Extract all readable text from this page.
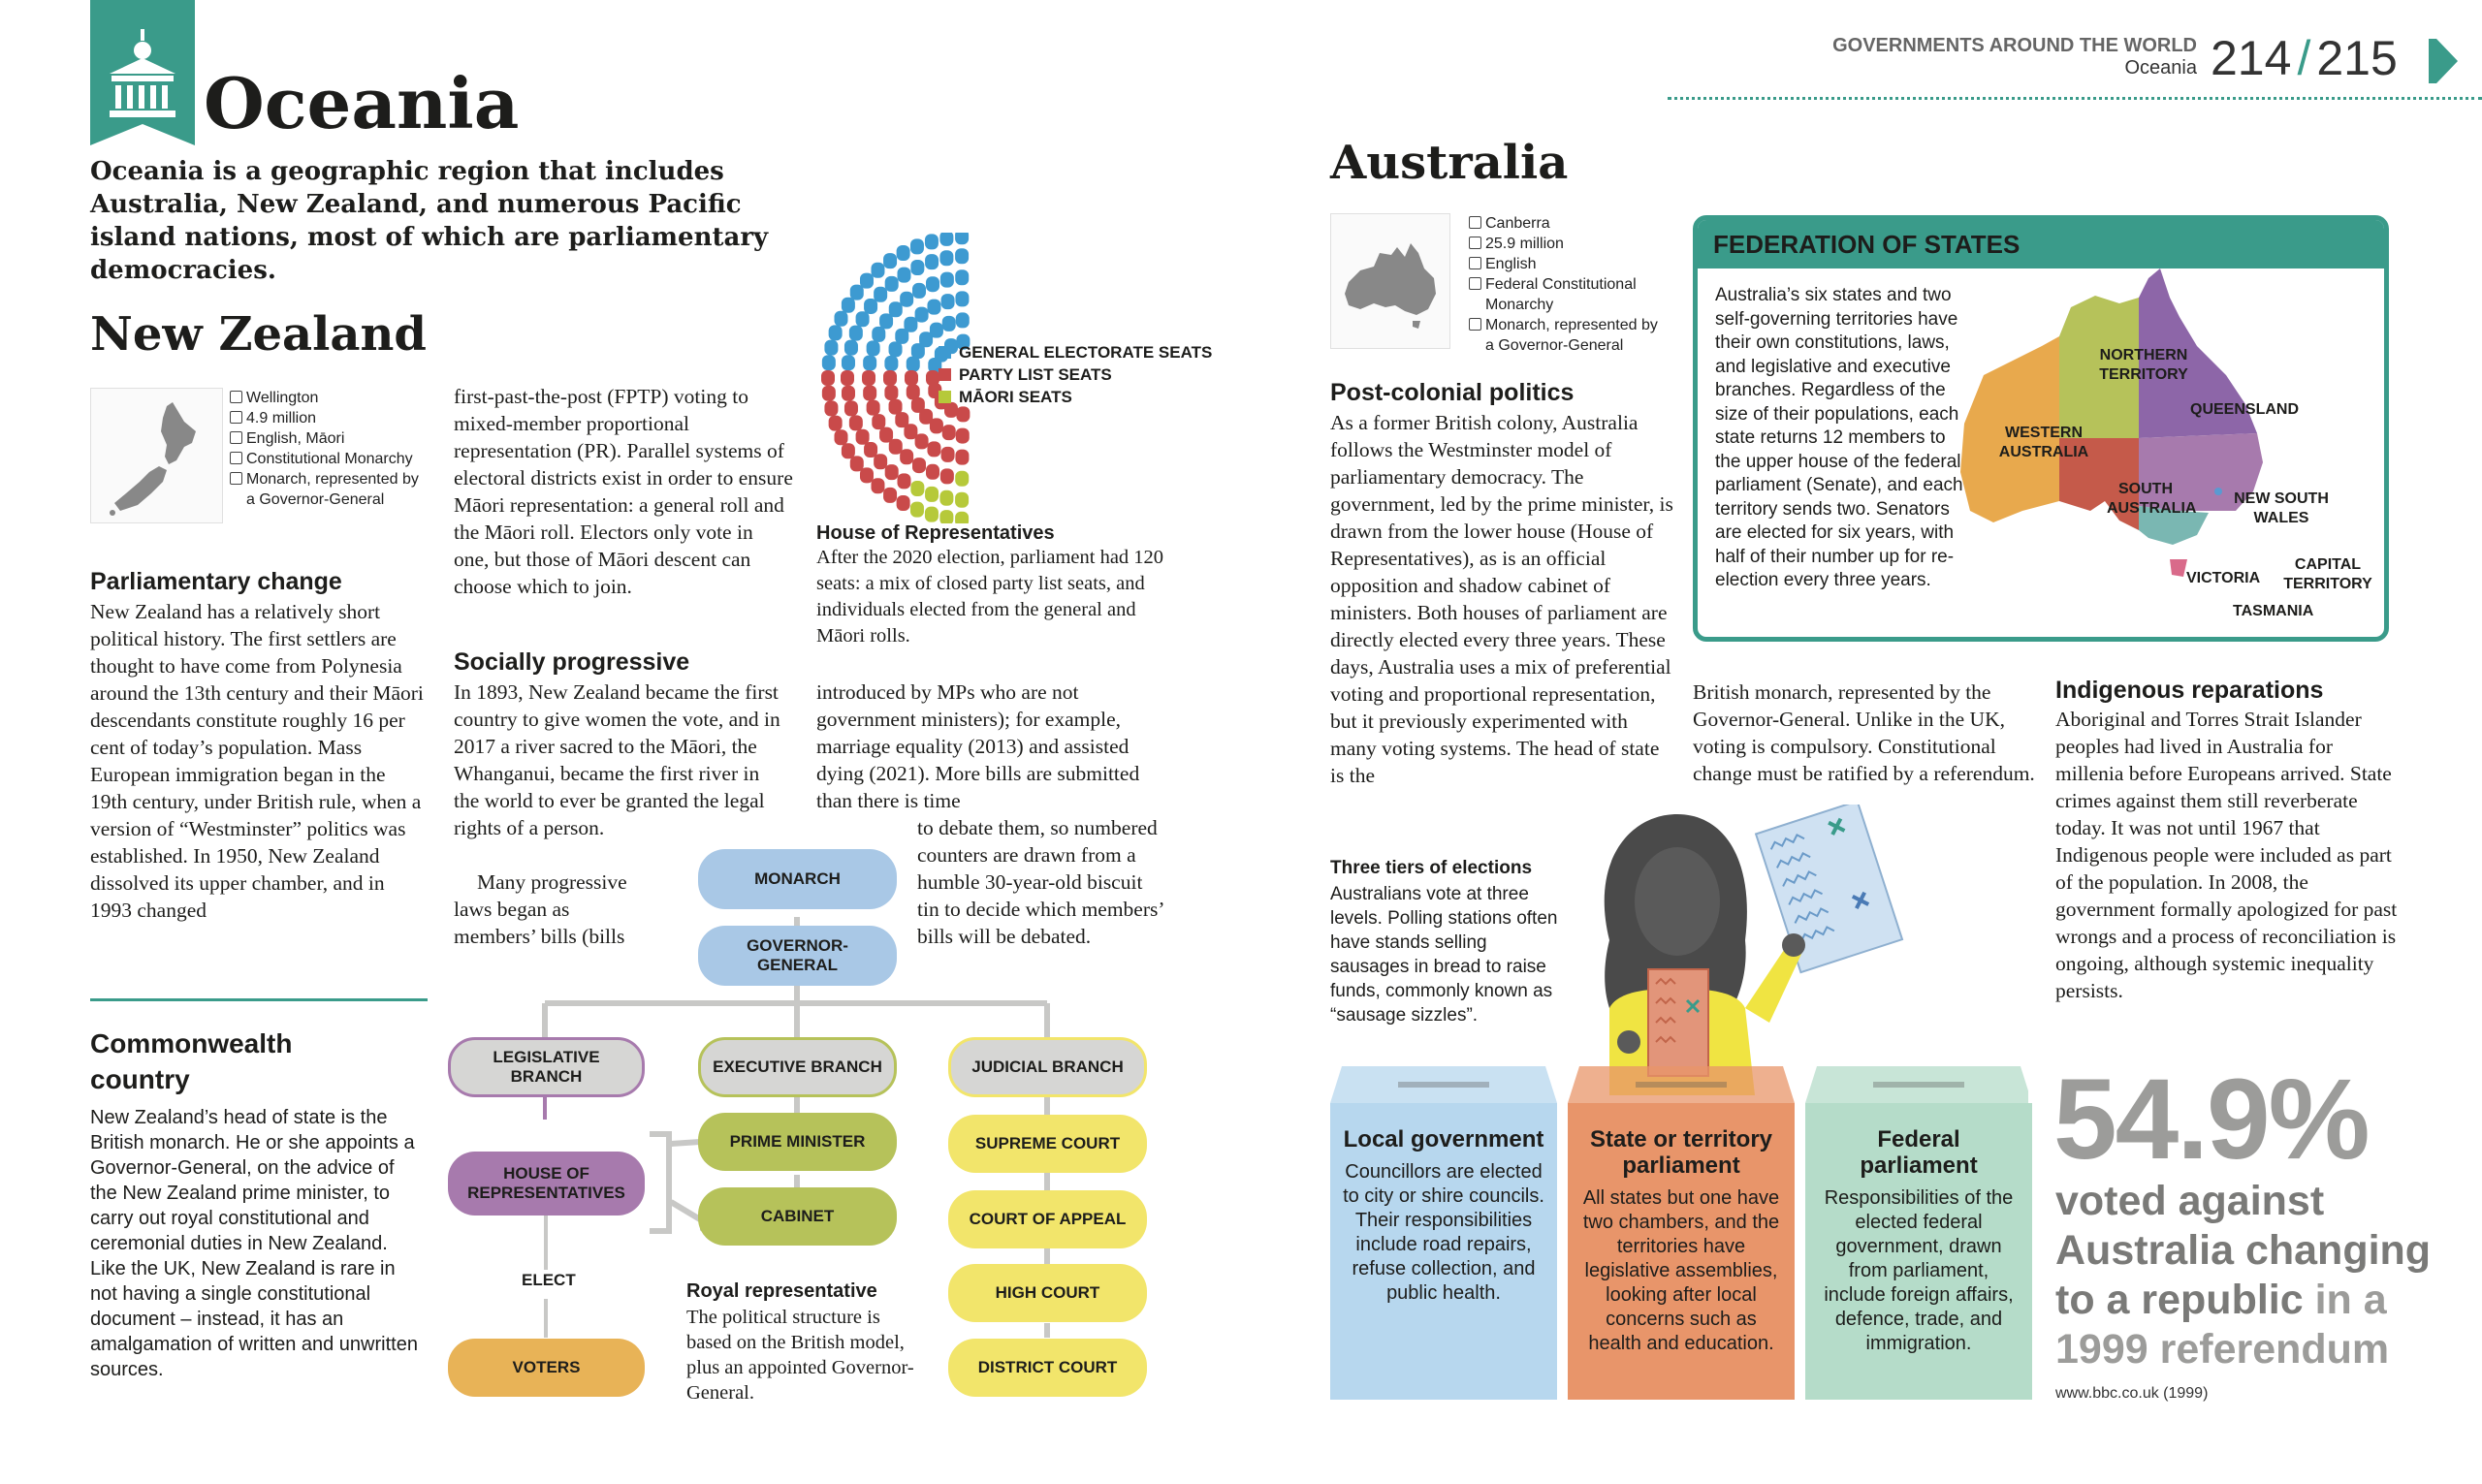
Oceania
GOVERNMENTS AROUND THE WORLD
Oceania 214 / 215
Oceania is a geographic region that includes Australia, New Zealand, and numerous Pacific island nations, most of which are parliamentary democracies.
New Zealand
Wellington
4.9 million
English, Māori
Constitutional Monarchy
Monarch, represented by a Governor-General
Parliamentary change
New Zealand has a relatively short political history. The first settlers are thought to have come from Polynesia around the 13th century and their Māori descendants constitute roughly 16 per cent of today’s population. Mass European immigration began in the 19th century, under British rule, when a version of “Westminster” politics was established. In 1950, New Zealand dissolved its upper chamber, and in 1993 changed
first-past-the-post (FPTP) voting to mixed-member proportional representation (PR). Parallel systems of electoral districts exist in order to ensure Māori representation: a general roll and the Māori roll. Electors only vote in one, but those of Māori descent can choose which to join.
Socially progressive
In 1893, New Zealand became the first country to give women the vote, and in 2017 a river sacred to the Māori, the Whanganui, became the first river in the world to ever be granted the legal rights of a person.
Many progressive laws began as members’ bills (bills
GENERAL ELECTORATE SEATS
PARTY LIST SEATS
MĀORI SEATS
House of Representatives
After the 2020 election, parliament had 120 seats: a mix of closed party list seats, and individuals elected from the general and Māori rolls.
introduced by MPs who are not government ministers); for example, marriage equality (2013) and assisted dying (2021). More bills are submitted than there is time
to debate them, so numbered counters are drawn from a humble 30-year-old biscuit tin to decide which members’ bills will be debated.
Commonwealth country
New Zealand’s head of state is the British monarch. He or she appoints a Governor-General, on the advice of the New Zealand prime minister, to carry out royal constitutional and ceremonial duties in New Zealand. Like the UK, New Zealand is rare in not having a single constitutional document – instead, it has an amalgamation of written and unwritten sources.
MONARCH
GOVERNOR-GENERAL
LEGISLATIVE BRANCH
EXECUTIVE BRANCH	JUDICIAL BRANCH
HOUSE OF REPRESENTATIVES
PRIME MINISTER
CABINET
SUPREME COURT
COURT OF APPEAL
HIGH COURT
DISTRICT COURT
ELECT
VOTERS
Royal representative
The political structure is based on the British model, plus an appointed Governor-General.
Australia
Canberra
25.9 million
English
Federal Constitutional Monarchy
Monarch, represented by a Governor-General
Post-colonial politics
As a former British colony, Australia follows the Westminster model of parliamentary democracy. The government, led by the prime minister, is drawn from the lower house (House of Representatives), as is an official opposition and shadow cabinet of ministers. Both houses of parliament are directly elected every three years. These days, Australia uses a mix of preferential voting and proportional representation, but it previously experimented with many voting systems. The head of state is the
British monarch, represented by the Governor-General. Unlike in the UK, voting is compulsory. Constitutional change must be ratified by a referendum.
FEDERATION OF STATES
Australia’s six states and two self-governing territories have their own constitutions, laws, and legislative and executive branches. Regardless of the size of their populations, each state returns 12 members to the upper house of the federal parliament (Senate), and each territory sends two. Senators are elected for six years, with half of their number up for re-election every three years.
WESTERN AUSTRALIA
NORTHERN TERRITORY
QUEENSLAND
SOUTH AUSTRALIA
NEW SOUTH WALES
CAPITAL TERRITORY
VICTORIA
TASMANIA
Indigenous reparations
Aboriginal and Torres Strait Islander peoples had lived in Australia for millenia before Europeans arrived. State crimes against them still reverberate today. It was not until 1967 that Indigenous people were included as part of the population. In 2008, the government formally apologized for past wrongs and a process of reconciliation is ongoing, although systemic inequality persists.
Three tiers of elections
Australians vote at three levels. Polling stations often have stands selling sausages in bread to raise funds, commonly known as “sausage sizzles”.
Local government
Councillors are elected to city or shire councils. Their responsibilities include road repairs, refuse collection, and public health.
State or territory parliament
All states but one have two chambers, and the territories have legislative assemblies, looking after local concerns such as health and education.
Federal parliament
Responsibilities of the elected federal government, drawn from parliament, include foreign affairs, defence, trade, and immigration.
54.9%
voted against
Australia changing
to a republic in a
1999 referendum
www.bbc.co.uk (1999)
